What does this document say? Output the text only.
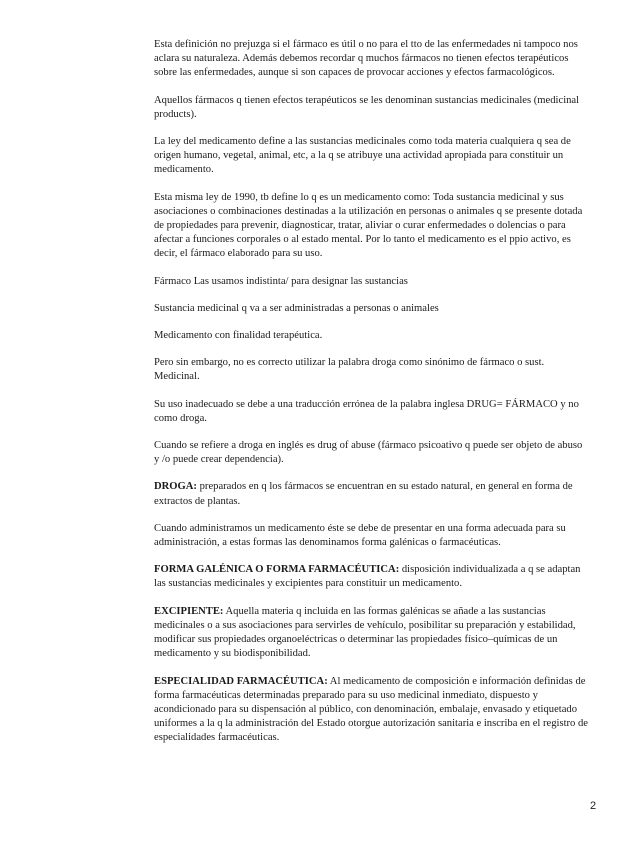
Esta definición no prejuzga si el fármaco es útil o no para el tto de las enfermedades ni tampoco nos aclara su naturaleza. Además debemos recordar q muchos fármacos no tienen efectos terapéuticos sobre las enfermedades, aunque si son capaces de provocar acciones y efectos farmacológicos.

Aquellos fármacos q tienen efectos terapéuticos se les denominan sustancias medicinales (medicinal products).

La ley del medicamento define a las sustancias medicinales como toda materia cualquiera q sea de origen humano, vegetal, animal, etc, a la q se atribuye una actividad apropiada para constituir un medicamento.

Esta misma ley de 1990, tb define lo q es un medicamento como: Toda sustancia medicinal y sus asociaciones o combinaciones destinadas a la utilización en personas o animales q se presente dotada de propiedades para prevenir, diagnosticar, tratar, aliviar o curar enfermedades o dolencias o para afectar a funciones corporales o al estado mental. Por lo tanto el medicamento es el ppio activo, es decir, el fármaco elaborado para su uso.

Fármaco Las usamos indistinta/ para designar las sustancias

Sustancia medicinal q va a ser administradas a personas o animales

Medicamento con finalidad terapéutica.

Pero sin embargo, no es correcto utilizar la palabra droga como sinónimo de fármaco o sust. Medicinal.

Su uso inadecuado se debe a una traducción errónea de la palabra inglesa DRUG= FÁRMACO y no como droga.

Cuando se refiere a droga en inglés es drug of abuse (fármaco psicoativo q puede ser objeto de abuso y /o puede crear dependencia).

DROGA: preparados en q los fármacos se encuentran en su estado natural, en general en forma de extractos de plantas.

Cuando administramos un medicamento éste se debe de presentar en una forma adecuada para su administración, a estas formas las denominamos forma galénicas o farmacéuticas.

FORMA GALÉNICA O FORMA FARMACÉUTICA: disposición individualizada a q se adaptan las sustancias medicinales y excipientes para constituir un medicamento.

EXCIPIENTE: Aquella materia q incluida en las formas galénicas se añade a las sustancias medicinales o a sus asociaciones para servirles de vehículo, posibilitar su preparación y estabilidad, modificar sus propiedades organoeléctricas o determinar las propiedades físico–químicas de un medicamento y su biodisponibilidad.

ESPECIALIDAD FARMACÉUTICA: Al medicamento de composición e información definidas de forma farmacéuticas determinadas preparado para su uso medicinal inmediato, dispuesto y acondicionado para su dispensación al público, con denominación, embalaje, envasado y etiquetado uniformes a la q la administración del Estado otorgue autorización sanitaria e inscriba en el registro de especialidades farmacéuticas.

2
